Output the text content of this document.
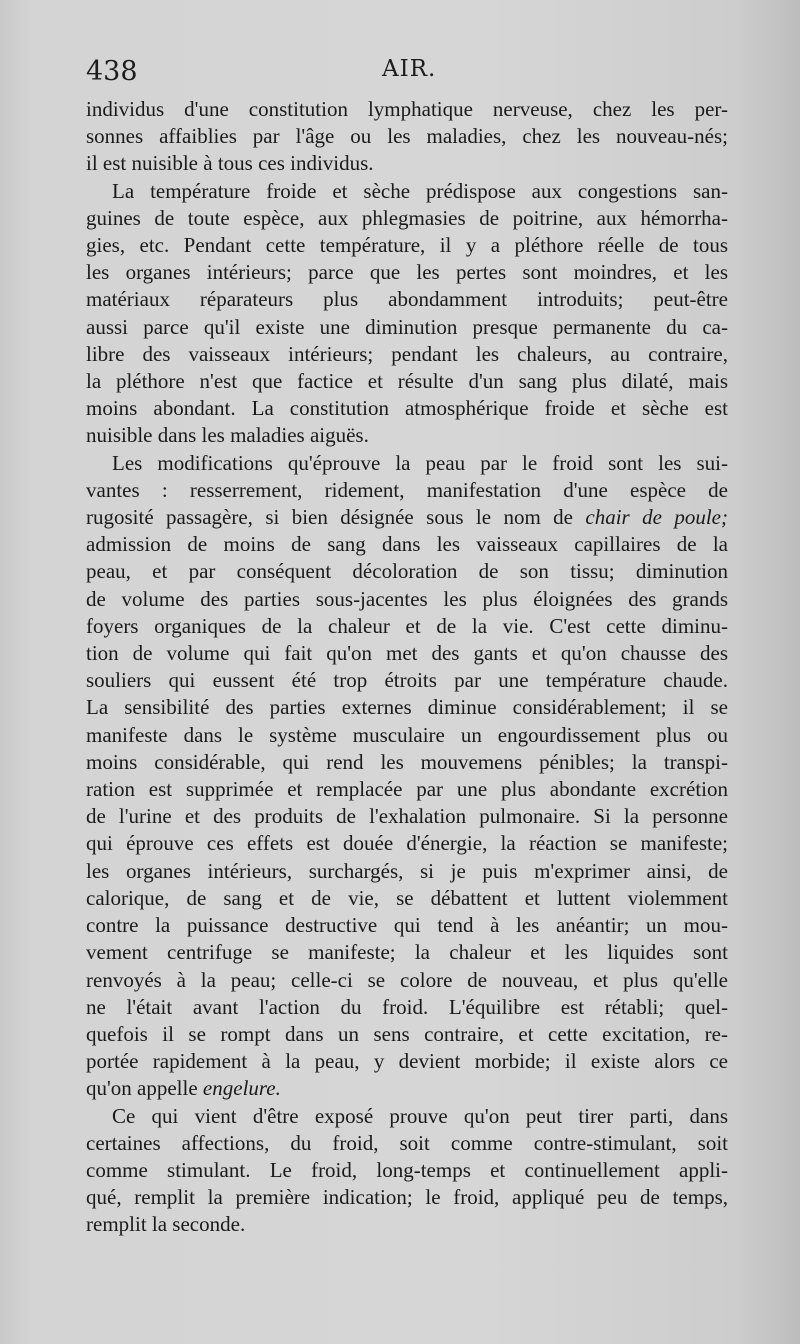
438	AIR.
individus d'une constitution lymphatique nerveuse, chez les per-
sonnes affaiblies par l'âge ou les maladies, chez les nouveau-nés;
il est nuisible à tous ces individus.
La température froide et sèche prédispose aux congestions san-
guines de toute espèce, aux phlegmasies de poitrine, aux hémorrha-
gies, etc. Pendant cette température, il y a pléthore réelle de tous
les organes intérieurs; parce que les pertes sont moindres, et les
matériaux réparateurs plus abondamment introduits; peut-être
aussi parce qu'il existe une diminution presque permanente du ca-
libre des vaisseaux intérieurs; pendant les chaleurs, au contraire,
la pléthore n'est que factice et résulte d'un sang plus dilaté, mais
moins abondant. La constitution atmosphérique froide et sèche est
nuisible dans les maladies aiguës.
Les modifications qu'éprouve la peau par le froid sont les sui-
vantes : resserrement, ridement, manifestation d'une espèce de
rugosité passagère, si bien désignée sous le nom de chair de poule;
admission de moins de sang dans les vaisseaux capillaires de la
peau, et par conséquent décoloration de son tissu; diminution
de volume des parties sous-jacentes les plus éloignées des grands
foyers organiques de la chaleur et de la vie. C'est cette diminu-
tion de volume qui fait qu'on met des gants et qu'on chausse des
souliers qui eussent été trop étroits par une température chaude.
La sensibilité des parties externes diminue considérablement; il se
manifeste dans le système musculaire un engourdissement plus ou
moins considérable, qui rend les mouvemens pénibles; la transpi-
ration est supprimée et remplacée par une plus abondante excrétion
de l'urine et des produits de l'exhalation pulmonaire. Si la personne
qui éprouve ces effets est douée d'énergie, la réaction se manifeste;
les organes intérieurs, surchargés, si je puis m'exprimer ainsi, de
calorique, de sang et de vie, se débattent et luttent violemment
contre la puissance destructive qui tend à les anéantir; un mou-
vement centrifuge se manifeste; la chaleur et les liquides sont
renvoyés à la peau; celle-ci se colore de nouveau, et plus qu'elle
ne l'était avant l'action du froid. L'équilibre est rétabli; quel-
quefois il se rompt dans un sens contraire, et cette excitation, re-
portée rapidement à la peau, y devient morbide; il existe alors ce
qu'on appelle engelure.
Ce qui vient d'être exposé prouve qu'on peut tirer parti, dans
certaines affections, du froid, soit comme contre-stimulant, soit
comme stimulant. Le froid, long-temps et continuellement appli-
qué, remplit la première indication; le froid, appliqué peu de temps,
remplit la seconde.
